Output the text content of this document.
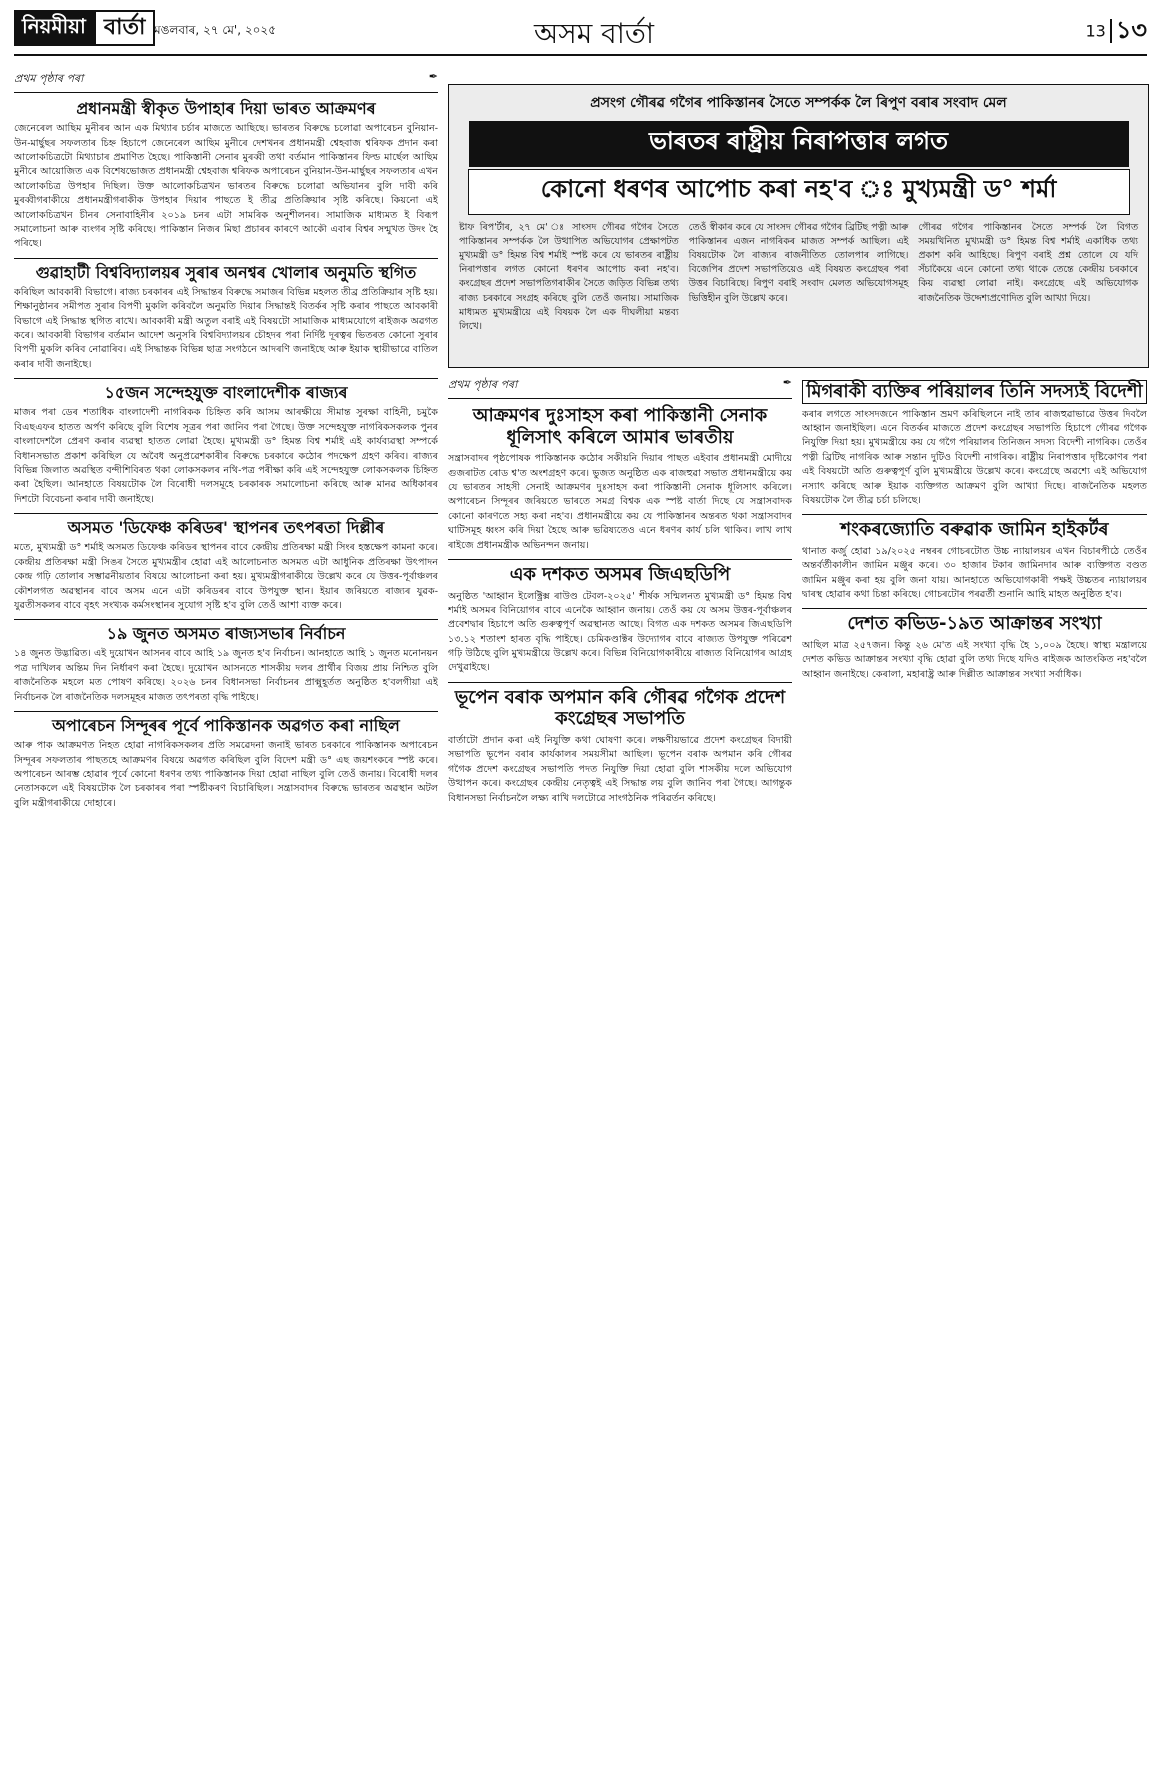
নিয়মীয়া বাৰ্তা মঙলবাৰ, ২৭ মে', ২০২৫	অসম বাৰ্তা	13 ১৩
প্ৰথম পৃষ্ঠাৰ পৰা	✒
প্ৰধানমন্ত্ৰী স্বীকৃত উপাহাৰ দিয়া ভাৰত আক্ৰমণৰ

জেনেৰেল আছিম মুনীৰৰ আন এক মিথ্যাৰ চৰ্চাৰ মাজতে আছিছে। ভাৰতৰ বিৰুদ্ধে চলোৱা অপাৰেচন বুনিয়ান-উন-মাৰ্ছুছৰ সফলতাৰ চিহ্ন হিচাপে জেনেৰেল আছিম মুনীৰে দেশখনৰ প্ৰধানমন্ত্ৰী শ্বেহবাজ শ্বৰিফক প্ৰদান কৰা আলোকচিত্ৰটো মিথ্যাচাৰ প্ৰমাণিত হৈছে। পাকিস্তানী সেনাৰ মুৰব্বী তথা বৰ্তমান পাকিস্তানৰ ফিল্ড মাৰ্ছেল আছিম মুনীৰে আয়োজিত এক বিশেষভোজত প্ৰধানমন্ত্ৰী শ্বেহবাজ শ্বৰিফক অপাৰেচন বুনিয়ান-উন-মাৰ্ছুছৰ সফলতাৰ এখন আলোকচিত্ৰ উপহাৰ দিছিল। উক্ত আলোকচিত্ৰখন ভাৰতৰ বিৰুদ্ধে চলোৱা অভিযানৰ বুলি দাবী কৰি মুৰব্বীগৰাকীয়ে প্ৰধানমন্ত্ৰীগৰাকীক উপহাৰ দিয়াৰ পাছতে ই তীব্ৰ প্ৰতিক্ৰিয়াৰ সৃষ্টি কৰিছে। কিয়নো এই আলোকচিত্ৰখন চীনৰ সেনাবাহিনীৰ ২০১৯ চনৰ এটা সামৰিক অনুশীলনৰ। সামাজিক মাধ্যমত ই বিৰূপ সমালোচনা আৰু ব্যংগৰ সৃষ্টি কৰিছে। পাকিস্তান নিজৰ মিছা প্ৰচাৰৰ কাৰণে আকৌ এবাৰ বিশ্বৰ সন্মুখত উদং হৈ পৰিছে।

গুৱাহাটী বিশ্ববিদ্যালয়ৰ সুৰাৰ অনশ্বৰ খোলাৰ অনুমতি স্থগিত

কৰিছিল আবকাৰী বিভাগে। ৰাজ্য চৰকাৰৰ এই সিদ্ধান্তৰ বিৰুদ্ধে সমাজৰ বিভিন্ন মহলত তীব্ৰ প্ৰতিক্ৰিয়াৰ সৃষ্টি হয়। শিক্ষানুষ্ঠানৰ সমীপত সুৰাৰ বিপণী মুকলি কৰিবলৈ অনুমতি দিয়াৰ সিদ্ধান্তই বিতৰ্কৰ সৃষ্টি কৰাৰ পাছতে আবকাৰী বিভাগে এই সিদ্ধান্ত স্থগিত ৰাখে। আবকাৰী মন্ত্ৰী অতুল বৰাই এই বিষয়টো সামাজিক মাধ্যমযোগে ৰাইজক অৱগত কৰে। আবকাৰী বিভাগৰ বৰ্তমান আদেশ অনুসৰি বিশ্ববিদ্যালয়ৰ চৌহদৰ পৰা নিৰ্দিষ্ট দূৰত্বৰ ভিতৰত কোনো সুৰাৰ বিপণী মুকলি কৰিব নোৱাৰিব। এই সিদ্ধান্তক বিভিন্ন ছাত্ৰ সংগঠনে আদৰণি জনাইছে আৰু ইয়াক স্থায়ীভাৱে বাতিল কৰাৰ দাবী জনাইছে।

১৫জন সন্দেহযুক্ত বাংলাদেশীক ৰাজ্যৰ

মাজৰ পৰা ডেৰ শতাধিক বাংলাদেশী নাগৰিকক চিহ্নিত কৰি আসম আৰক্ষীয়ে সীমান্ত সুৰক্ষা বাহিনী, চমুকৈ বিএছএফৰ হাতত অৰ্পণ কৰিছে বুলি বিশেষ সূত্ৰৰ পৰা জানিব পৰা গৈছে। উক্ত সন্দেহযুক্ত নাগৰিকসকলক পুনৰ বাংলাদেশলৈ প্ৰেৰণ কৰাৰ ব্যৱস্থা হাতত লোৱা হৈছে। মুখ্যমন্ত্ৰী ড° হিমন্ত বিশ্ব শৰ্মাই এই কাৰ্যব্যৱস্থা সম্পৰ্কে বিধানসভাত প্ৰকাশ কৰিছিল যে অবৈধ অনুপ্ৰৱেশকাৰীৰ বিৰুদ্ধে চৰকাৰে কঠোৰ পদক্ষেপ গ্ৰহণ কৰিব। ৰাজ্যৰ বিভিন্ন জিলাত অৱস্থিত বন্দীশিবিৰত থকা লোকসকলৰ নথি-পত্ৰ পৰীক্ষা কৰি এই সন্দেহযুক্ত লোকসকলক চিহ্নিত কৰা হৈছিল। আনহাতে বিষয়টোক লৈ বিৰোধী দলসমূহে চৰকাৰক সমালোচনা কৰিছে আৰু মানৱ অধিকাৰৰ দিশটো বিবেচনা কৰাৰ দাবী জনাইছে।

অসমত 'ডিফেঞ্চ কৰিডৰ' স্থাপনৰ তৎপৰতা দিল্লীৰ

মতে, মুখ্যমন্ত্ৰী ড° শৰ্মাই অসমত ডিফেঞ্চ কৰিডৰ স্থাপনৰ বাবে কেন্দ্ৰীয় প্ৰতিৰক্ষা মন্ত্ৰী সিংৰ হস্তক্ষেপ কামনা কৰে। কেন্দ্ৰীয় প্ৰতিৰক্ষা মন্ত্ৰী সিঙৰ সৈতে মুখ্যমন্ত্ৰীৰ হোৱা এই আলোচনাত অসমত এটা আধুনিক প্ৰতিৰক্ষা উৎপাদন কেন্দ্ৰ গঢ়ি তোলাৰ সম্ভাৱনীয়তাৰ বিষয়ে আলোচনা কৰা হয়। মুখ্যমন্ত্ৰীগৰাকীয়ে উল্লেখ কৰে যে উত্তৰ-পূৰ্বাঞ্চলৰ কৌশলগত অৱস্থানৰ বাবে অসম এনে এটা কৰিডৰৰ বাবে উপযুক্ত স্থান। ইয়াৰ জৰিয়তে ৰাজ্যৰ যুৱক-যুৱতীসকলৰ বাবে বৃহৎ সংখ্যক কৰ্মসংস্থানৰ সুযোগ সৃষ্টি হ'ব বুলি তেওঁ আশা ব্যক্ত কৰে।

১৯ জুনত অসমত ৰাজ্যসভাৰ নিৰ্বাচন

১৪ জুনত উদ্ভাৱিত। এই দুয়োখন আসনৰ বাবে আহি ১৯ জুনত হ'ব নিৰ্বাচন। আনহাতে আহি ১ জুনত মনোনয়ন পত্ৰ দাখিলৰ অন্তিম দিন নিৰ্ধাৰণ কৰা হৈছে। দুয়োখন আসনতে শাসকীয় দলৰ প্ৰাৰ্থীৰ বিজয় প্ৰায় নিশ্চিত বুলি ৰাজনৈতিক মহলে মত পোষণ কৰিছে। ২০২৬ চনৰ বিধানসভা নিৰ্বাচনৰ প্ৰাক্মুহূৰ্তত অনুষ্ঠিত হ'বলগীয়া এই নিৰ্বাচনক লৈ ৰাজনৈতিক দলসমূহৰ মাজত তৎপৰতা বৃদ্ধি পাইছে।

অপাৰেচন সিন্দূৰৰ পূৰ্বে পাকিস্তানক অৱগত কৰা নাছিল

আৰু পাক আক্ৰমণত নিহত হোৱা নাগৰিকসকলৰ প্ৰতি সমৱেদনা জনাই ভাৰত চৰকাৰে পাকিস্তানক অপাৰেচন সিন্দূৰৰ সফলতাৰ পাছতহে আক্ৰমণৰ বিষয়ে অৱগত কৰিছিল বুলি বিদেশ মন্ত্ৰী ড° এছ জয়শংকৰে স্পষ্ট কৰে। অপাৰেচন আৰম্ভ হোৱাৰ পূৰ্বে কোনো ধৰণৰ তথ্য পাকিস্তানক দিয়া হোৱা নাছিল বুলি তেওঁ জনায়। বিৰোধী দলৰ নেতাসকলে এই বিষয়টোক লৈ চৰকাৰৰ পৰা স্পষ্টীকৰণ বিচাৰিছিল। সন্ত্ৰাসবাদৰ বিৰুদ্ধে ভাৰতৰ অৱস্থান অটল বুলি মন্ত্ৰীগৰাকীয়ে দোহাৰে।

প্ৰসংগ গৌৰৱ গগৈৰ পাকিস্তানৰ সৈতে সম্পৰ্কক লৈ ৰিপুণ বৰাৰ সংবাদ মেল
ভাৰতৰ ৰাষ্ট্ৰীয় নিৰাপত্তাৰ লগত
কোনো ধৰণৰ আপোচ কৰা নহ'ব ঃ মুখ্যমন্ত্ৰী ড° শৰ্মা

ষ্টাফ ৰিপ'ৰ্টাৰ, ২৭ মে' ঃ সাংসদ গৌৰৱ গগৈৰ সৈতে পাকিস্তানৰ সম্পৰ্কক লৈ উত্থাপিত অভিযোগৰ প্ৰেক্ষাপটত মুখ্যমন্ত্ৰী ড° হিমন্ত বিশ্ব শৰ্মাই স্পষ্ট কৰে যে ভাৰতৰ ৰাষ্ট্ৰীয় নিৰাপত্তাৰ লগত কোনো ধৰণৰ আপোচ কৰা নহ'ব। কংগ্ৰেছৰ প্ৰদেশ সভাপতিগৰাকীৰ সৈতে জড়িত বিভিন্ন তথ্য ৰাজ্য চৰকাৰে সংগ্ৰহ কৰিছে বুলি তেওঁ জনায়। সামাজিক মাধ্যমত মুখ্যমন্ত্ৰীয়ে এই বিষয়ক লৈ এক দীঘলীয়া মন্তব্য লিখে।

তেওঁ স্বীকাৰ কৰে যে সাংসদ গৌৰৱ গগৈৰ ব্ৰিটিছ পত্নী আৰু পাকিস্তানৰ এজন নাগৰিকৰ মাজত সম্পৰ্ক আছিল। এই বিষয়টোক লৈ ৰাজ্যৰ ৰাজনীতিত তোলপাৰ লাগিছে। বিজেপিৰ প্ৰদেশ সভাপতিয়েও এই বিষয়ত কংগ্ৰেছৰ পৰা উত্তৰ বিচাৰিছে। ৰিপুণ বৰাই সংবাদ মেলত অভিযোগসমূহ ভিত্তিহীন বুলি উল্লেখ কৰে।

গৌৰৱ গগৈৰ পাকিস্তানৰ সৈতে সম্পৰ্ক লৈ বিগত সময়খিনিত মুখ্যমন্ত্ৰী ড° হিমন্ত বিশ্ব শৰ্মাই একাধিক তথ্য প্ৰকাশ কৰি আহিছে। ৰিপুণ বৰাই প্ৰশ্ন তোলে যে যদি সঁচাকৈয়ে এনে কোনো তথ্য থাকে তেন্তে কেন্দ্ৰীয় চৰকাৰে কিয় ব্যৱস্থা লোৱা নাই। কংগ্ৰেছে এই অভিযোগক ৰাজনৈতিক উদ্দেশ্যপ্ৰণোদিত বুলি আখ্যা দিয়ে।

প্ৰথম পৃষ্ঠাৰ পৰা	✒
আক্ৰমণৰ দুঃসাহস কৰা পাকিস্তানী সেনাক ধূলিসাৎ কৰিলে আমাৰ ভাৰতীয়

সন্ত্ৰাসবাদৰ পৃষ্ঠপোষক পাকিস্তানক কঠোৰ সকীয়নি দিয়াৰ পাছত এইবাৰ প্ৰধানমন্ত্ৰী মোদীয়ে গুজৰাটত ৰোড শ্ব'ত অংশগ্ৰহণ কৰে। ভুজত অনুষ্ঠিত এক ৰাজহুৱা সভাত প্ৰধানমন্ত্ৰীয়ে কয় যে ভাৰতৰ সাহসী সেনাই আক্ৰমণৰ দুঃসাহস কৰা পাকিস্তানী সেনাক ধূলিসাৎ কৰিলে। অপাৰেচন সিন্দূৰৰ জৰিয়তে ভাৰতে সমগ্ৰ বিশ্বক এক স্পষ্ট বাৰ্তা দিছে যে সন্ত্ৰাসবাদক কোনো কাৰণতে সহ্য কৰা নহ'ব। প্ৰধানমন্ত্ৰীয়ে কয় যে পাকিস্তানৰ অন্তৰত থকা সন্ত্ৰাসবাদৰ ঘাটিসমূহ ধ্বংস কৰি দিয়া হৈছে আৰু ভৱিষ্যতেও এনে ধৰণৰ কাৰ্য চলি থাকিব। লাখ লাখ ৰাইজে প্ৰধানমন্ত্ৰীক অভিনন্দন জনায়।

এক দশকত অসমৰ জিএছডিপি

অনুষ্ঠিত 'আহ্বান ইলেক্ট্ৰিক্স ৰাউণ্ড টেবল-২০২৫' শীৰ্ষক সন্মিলনত মুখ্যমন্ত্ৰী ড° হিমন্ত বিশ্ব শৰ্মাই অসমৰ বিনিয়োগৰ বাবে এনেকৈ আহ্বান জনায়। তেওঁ কয় যে অসম উত্তৰ-পূৰ্বাঞ্চলৰ প্ৰবেশদ্বাৰ হিচাপে অতি গুৰুত্বপূৰ্ণ অৱস্থানত আছে। বিগত এক দশকত অসমৰ জিএছডিপি ১৩.১২ শতাংশ হাৰত বৃদ্ধি পাইছে। চেমিকণ্ডাক্টৰ উদ্যোগৰ বাবে ৰাজ্যত উপযুক্ত পৰিৱেশ গঢ়ি উঠিছে বুলি মুখ্যমন্ত্ৰীয়ে উল্লেখ কৰে। বিভিন্ন বিনিয়োগকাৰীয়ে ৰাজ্যত বিনিয়োগৰ আগ্ৰহ দেখুৱাইছে।

ভূপেন বৰাক অপমান কৰি গৌৰৱ গগৈক প্ৰদেশ কংগ্ৰেছৰ সভাপতি

বাৰ্তাটো প্ৰদান কৰা এই নিযুক্তি কথা ঘোষণা কৰে। লক্ষণীয়ভাৱে প্ৰদেশ কংগ্ৰেছৰ বিদায়ী সভাপতি ভূপেন বৰাৰ কাৰ্যকালৰ সময়সীমা আছিল। ভূপেন বৰাক অপমান কৰি গৌৰৱ গগৈক প্ৰদেশ কংগ্ৰেছৰ সভাপতি পদত নিযুক্তি দিয়া হোৱা বুলি শাসকীয় দলে অভিযোগ উত্থাপন কৰে। কংগ্ৰেছৰ কেন্দ্ৰীয় নেতৃত্বই এই সিদ্ধান্ত লয় বুলি জানিব পৰা গৈছে। আগন্তুক বিধানসভা নিৰ্বাচনলৈ লক্ষ্য ৰাখি দলটোৱে সাংগঠনিক পৰিৱৰ্তন কৰিছে।

মিগৰাকী ব্যক্তিৰ পৰিয়ালৰ তিনি সদস্যই বিদেশী

কৰাৰ লগতে সাংসদজনে পাকিস্তান ভ্ৰমণ কৰিছিলনে নাই তাৰ ৰাজহুৱাভাৱে উত্তৰ দিবলৈ আহ্বান জনাইছিল। এনে বিতৰ্কৰ মাজতে প্ৰদেশ কংগ্ৰেছৰ সভাপতি হিচাপে গৌৰৱ গগৈক নিযুক্তি দিয়া হয়। মুখ্যমন্ত্ৰীয়ে কয় যে গগৈ পৰিয়ালৰ তিনিজন সদস্য বিদেশী নাগৰিক। তেওঁৰ পত্নী ব্ৰিটিছ নাগৰিক আৰু সন্তান দুটিও বিদেশী নাগৰিক। ৰাষ্ট্ৰীয় নিৰাপত্তাৰ দৃষ্টিকোণৰ পৰা এই বিষয়টো অতি গুৰুত্বপূৰ্ণ বুলি মুখ্যমন্ত্ৰীয়ে উল্লেখ কৰে। কংগ্ৰেছে অৱশ্যে এই অভিযোগ নস্যাৎ কৰিছে আৰু ইয়াক ব্যক্তিগত আক্ৰমণ বুলি আখ্যা দিছে। ৰাজনৈতিক মহলত বিষয়টোক লৈ তীব্ৰ চৰ্চা চলিছে।

শংকৰজ্যোতি বৰুৱাক জামিন হাইকৰ্টৰ

থানাত কৰ্জু হোৱা ১৯/২০২৫ নম্বৰৰ গোচৰটোত উচ্চ ন্যায়ালয়ৰ এখন বিচাৰপীঠে তেওঁৰ অন্তৰ্বৰ্তীকালীন জামিন মঞ্জুৰ কৰে। ৩০ হাজাৰ টকাৰ জামিনদাৰ আৰু ব্যক্তিগত বণ্ডত জামিন মঞ্জুৰ কৰা হয় বুলি জনা যায়। আনহাতে অভিযোগকাৰী পক্ষই উচ্চতৰ ন্যায়ালয়ৰ দ্বাৰস্থ হোৱাৰ কথা চিন্তা কৰিছে। গোচৰটোৰ পৰৱৰ্তী শুনানি আহি মাহত অনুষ্ঠিত হ'ব।

দেশত কভিড-১৯ত আক্ৰান্তৰ সংখ্যা

আছিল মাত্ৰ ২৫৭জন। কিন্তু ২৬ মে'ত এই সংখ্যা বৃদ্ধি হৈ ১,০০৯ হৈছে। স্বাস্থ্য মন্ত্ৰালয়ে দেশত কভিড আক্ৰান্তৰ সংখ্যা বৃদ্ধি হোৱা বুলি তথ্য দিছে যদিও ৰাইজক আতংকিত নহ'বলৈ আহ্বান জনাইছে। কেৰালা, মহাৰাষ্ট্ৰ আৰু দিল্লীত আক্ৰান্তৰ সংখ্যা সৰ্বাধিক।
